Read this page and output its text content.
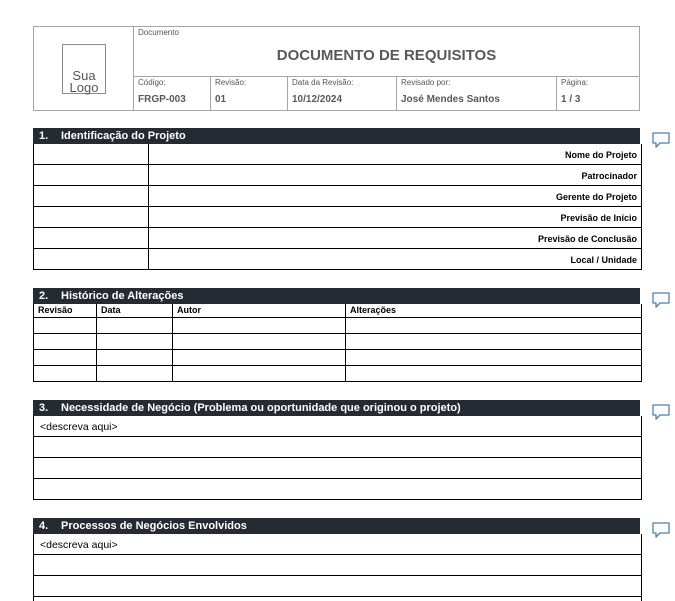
Sua
Logo
Documento
DOCUMENTO DE REQUISITOS
Código:
FRGP-003
Revisão:
01
Data da Revisão:
10/12/2024
Revisado por:
José Mendes Santos
Página:
1 / 3
1. Identificação do Projeto
Nome do Projeto
Patrocinador
Gerente do Projeto
Previsão de Início
Previsão de Conclusão
Local / Unidade
2. Histórico de Alterações
Revisão	Data	Autor	Alterações
3. Necessidade de Negócio (Problema ou oportunidade que originou o projeto)
<descreva aqui>
4. Processos de Negócios Envolvidos
<descreva aqui>
